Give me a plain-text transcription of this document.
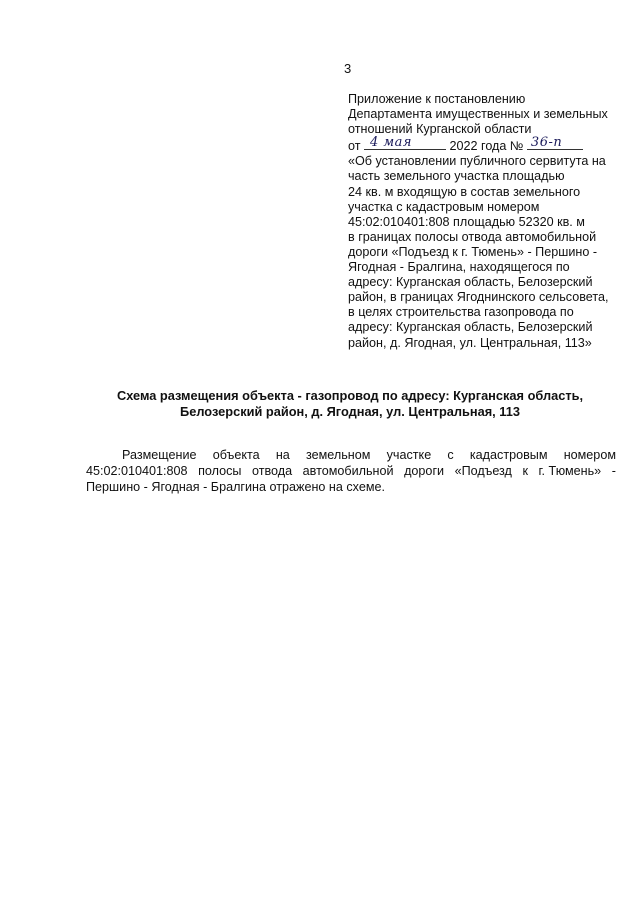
3
Приложение к постановлению
Департамента имущественных и земельных
отношений Курганской области
от 4 мая	2022 года № 36-п
«Об установлении публичного сервитута на
часть земельного участка площадью
24 кв. м входящую в состав земельного
участка с кадастровым номером
45:02:010401:808 площадью 52320 кв. м
в границах полосы отвода автомобильной
дороги «Подъезд к г. Тюмень» - Першино -
Ягодная - Бралгина, находящегося по
адресу: Курганская область, Белозерский
район, в границах Ягоднинского сельсовета,
в целях строительства газопровода по
адресу: Курганская область, Белозерский
район, д. Ягодная, ул. Центральная, 113»
Схема размещения объекта - газопровод по адресу: Курганская область,
Белозерский район, д. Ягодная, ул. Центральная, 113
Размещение объекта на земельном участке с кадастровым номером
45:02:010401:808 полосы отвода автомобильной дороги «Подъезд к г. Тюмень» -
Першино - Ягодная - Бралгина отражено на схеме.
